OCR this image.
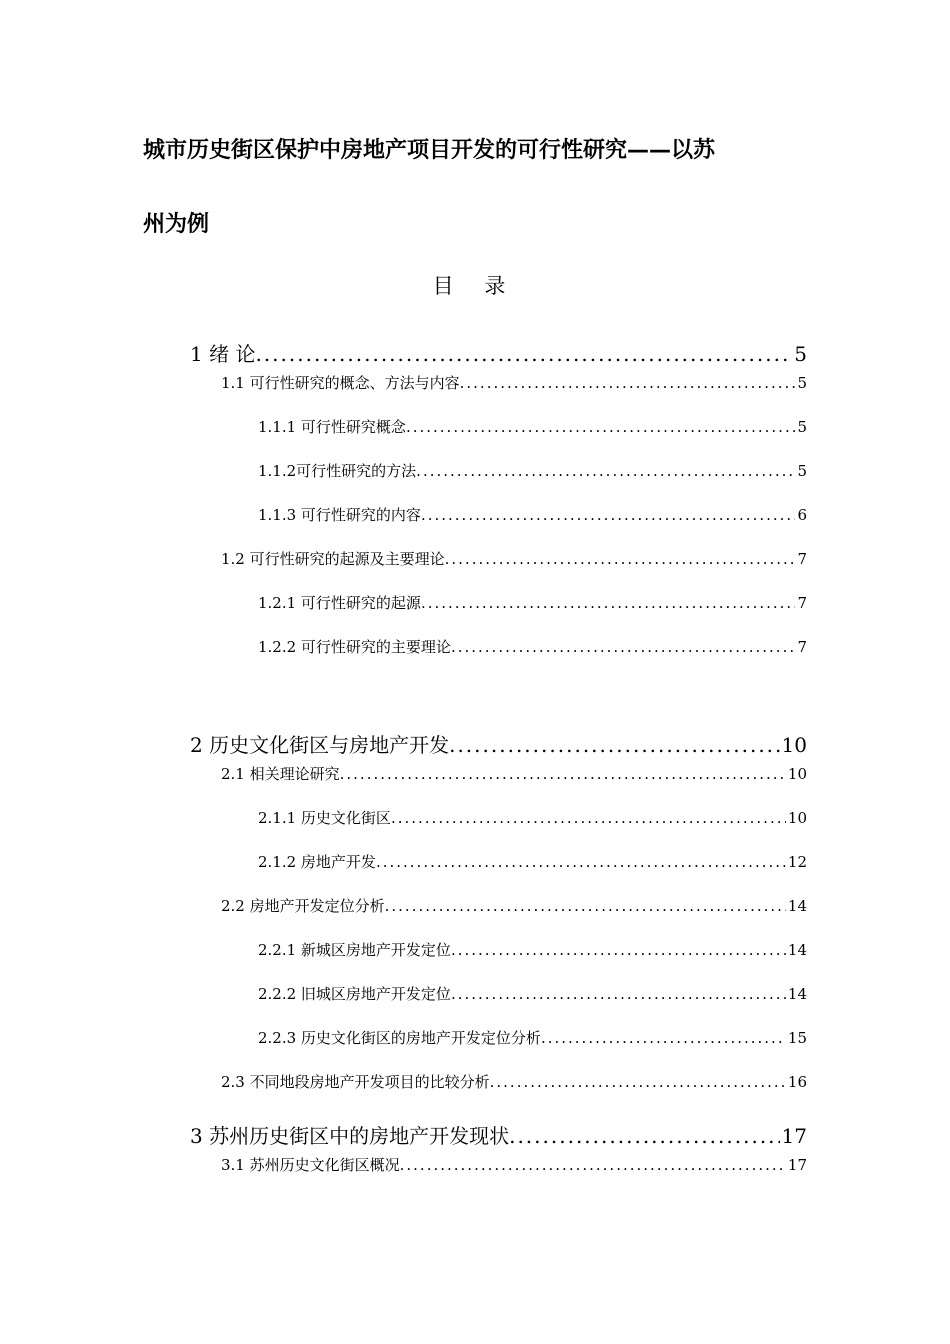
城市历史街区保护中房地产项目开发的可行性研究——以苏
州为例
目 录
1 绪 论 .....	5
1.1 可行性研究的概念、方法与内容 .....	5
1.1.1 可行性研究概念 .....	5
1.1.2可行性研究的方法 .....	5
1.1.3 可行性研究的内容 .....	6
1.2 可行性研究的起源及主要理论 .....	7
1.2.1 可行性研究的起源 .....	7
1.2.2 可行性研究的主要理论 .....	7
2 历史文化街区与房地产开发 .....	10
2.1 相关理论研究 .....	10
2.1.1 历史文化街区 .....	10
2.1.2 房地产开发 .....	12
2.2 房地产开发定位分析 .....	14
2.2.1 新城区房地产开发定位 .....	14
2.2.2 旧城区房地产开发定位 .....	14
2.2.3 历史文化街区的房地产开发定位分析 .....	15
2.3 不同地段房地产开发项目的比较分析 .....	16
3 苏州历史街区中的房地产开发现状 .....	17
3.1 苏州历史文化街区概况 .....	17
